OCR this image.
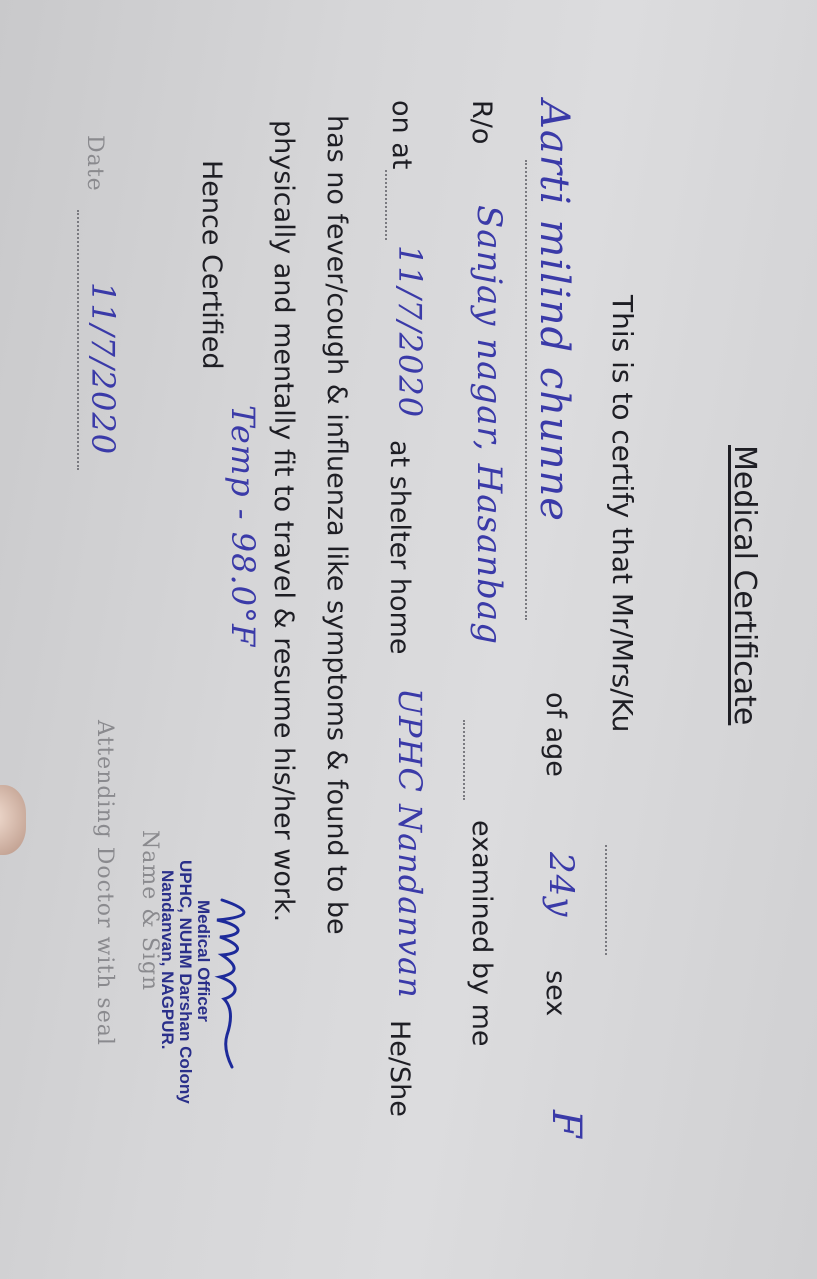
Medical Certificate
This is to certify that Mr/Mrs/Ku
Aarti milind chunne
of age
24y
sex
F
R/o
Sanjay nagar, Hasanbag
examined by me
on at
11/7/2020
at shelter home
UPHC Nandanvan
He/She
has no fever/cough & influenza like symptoms & found to be
physically and mentally fit to travel & resume his/her work.
Hence Certified
Temp - 98.0°F
Medical Officer
UPHC, NUHM Darshan Colony
Nandanvan, NAGPUR.
Name & Sign
Date
11/7/2020
Attending Doctor with seal
